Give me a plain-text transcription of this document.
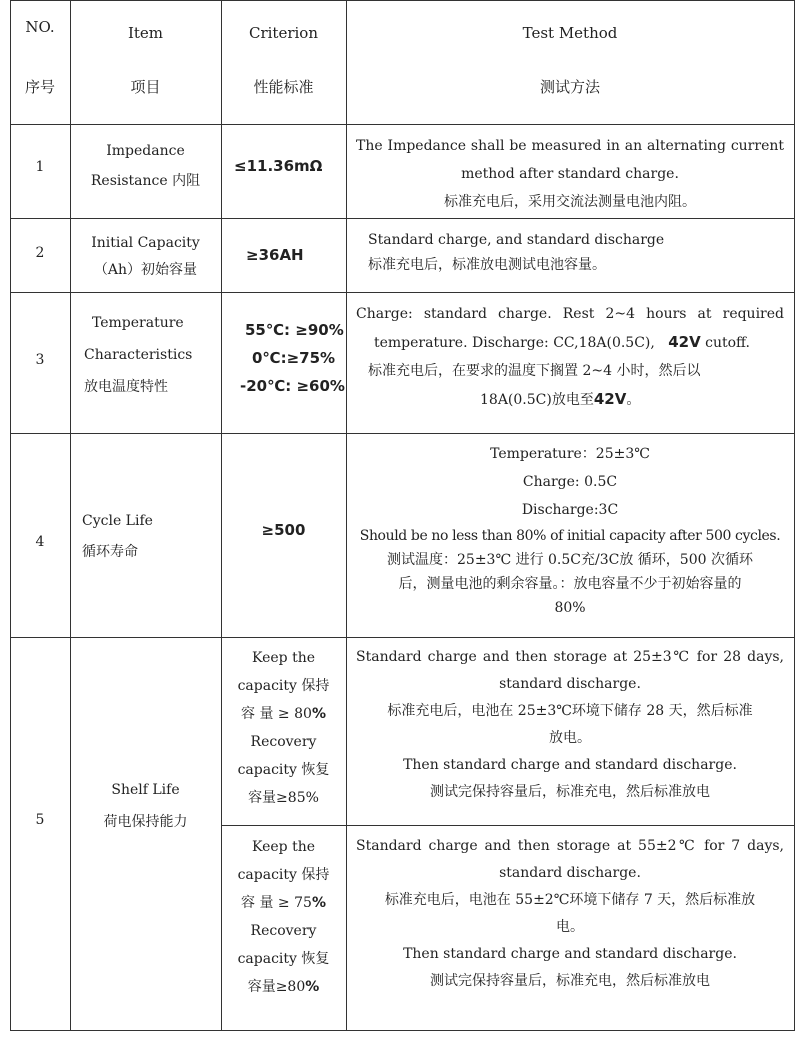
NO.
序号
Item
项目
Criterion
性能标准
Test Method
测试方法
1
Impedance
Resistance 内阻
≤11.36mΩ
The Impedance shall be measured in an alternating current
method after standard charge.
标准充电后，采用交流法测量电池内阻。
2
Initial Capacity
（Ah）初始容量
≥36AH
Standard charge, and standard discharge
标准充电后，标准放电测试电池容量。
3
Temperature
Characteristics
放电温度特性
55℃: ≥90%
0℃:≥75%
-20℃: ≥60%
Charge: standard charge. Rest 2~4 hours at required
temperature. Discharge: CC,18A(0.5C), 42V cutoff.
标准充电后，在要求的温度下搁置 2~4 小时，然后以
18A(0.5C)放电至42V。
4
Cycle Life
循环寿命
≥500
Temperature：25±3℃
Charge: 0.5C
Discharge:3C
Should be no less than 80% of initial capacity after 500 cycles.
测试温度：25±3℃ 进行 0.5C充/3C放 循环，500 次循环
后，测量电池的剩余容量。：放电容量不少于初始容量的
80%
5
Shelf Life
荷电保持能力
Keep the
capacity 保持
容 量 ≥ 80%
Recovery
capacity 恢复
容量≥85%
Standard charge and then storage at 25±3℃ for 28 days,
standard discharge.
标准充电后，电池在 25±3℃环境下储存 28 天，然后标准
放电。
Then standard charge and standard discharge.
测试完保持容量后，标准充电，然后标准放电
Keep the
capacity 保持
容 量 ≥ 75%
Recovery
capacity 恢复
容量≥80%
Standard charge and then storage at 55±2℃ for 7 days,
standard discharge.
标准充电后，电池在 55±2℃环境下储存 7 天，然后标准放
电。
Then standard charge and standard discharge.
测试完保持容量后，标准充电，然后标准放电
